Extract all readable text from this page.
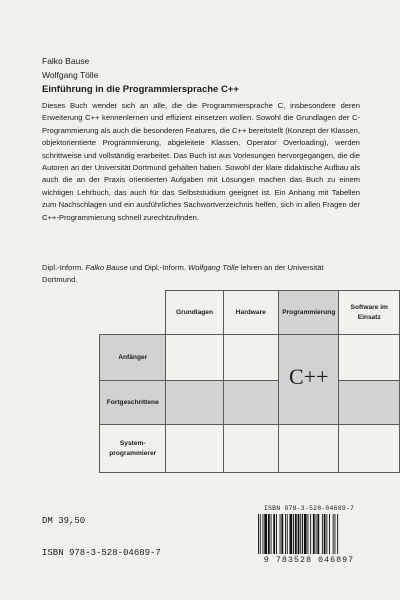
Falko Bause
Wolfgang Tölle
Einführung in die Programmiersprache C++
Dieses Buch wendet sich an alle, die die Programmiersprache C, insbesondere deren Erweiterung C++ kennenlernen und effizient einsetzen wollen. Sowohl die Grundlagen der C-Programmierung als auch die besonderen Features, die C++ bereitstellt (Konzept der Klassen, objektorientierte Programmierung, abgeleitete Klassen, Operator Overloading), werden schrittweise und vollständig erarbeitet. Das Buch ist aus Vorlesungen hervorgegangen, die die Autoren an der Universität Dortmund gehalten haben. Sowohl der klare didaktische Aufbau als auch die an der Praxis orientierten Aufgaben mit Lösungen machen das Buch zu einem wichtigen Lehrbuch, das auch für das Selbststudium geeignet ist. Ein Anhang mit Tabellen zum Nachschlagen und ein ausführliches Sachwortverzeichnis helfen, sich in allen Fragen der C++-Programmierung schnell zurechtzufinden.
Dipl.-Inform. Falko Bause und Dipl.-Inform. Wolfgang Tölle lehren an der Universität Dortmund.
	Grundlagen	Hardware	Programmierung	Software im Einsatz
Anfänger			C++	
Fortgeschrittene				
System-programmierer				
DM 39,50
ISBN 978-3-528-04689-7
ISBN 978-3-528-04689-7
9 783528 046897
